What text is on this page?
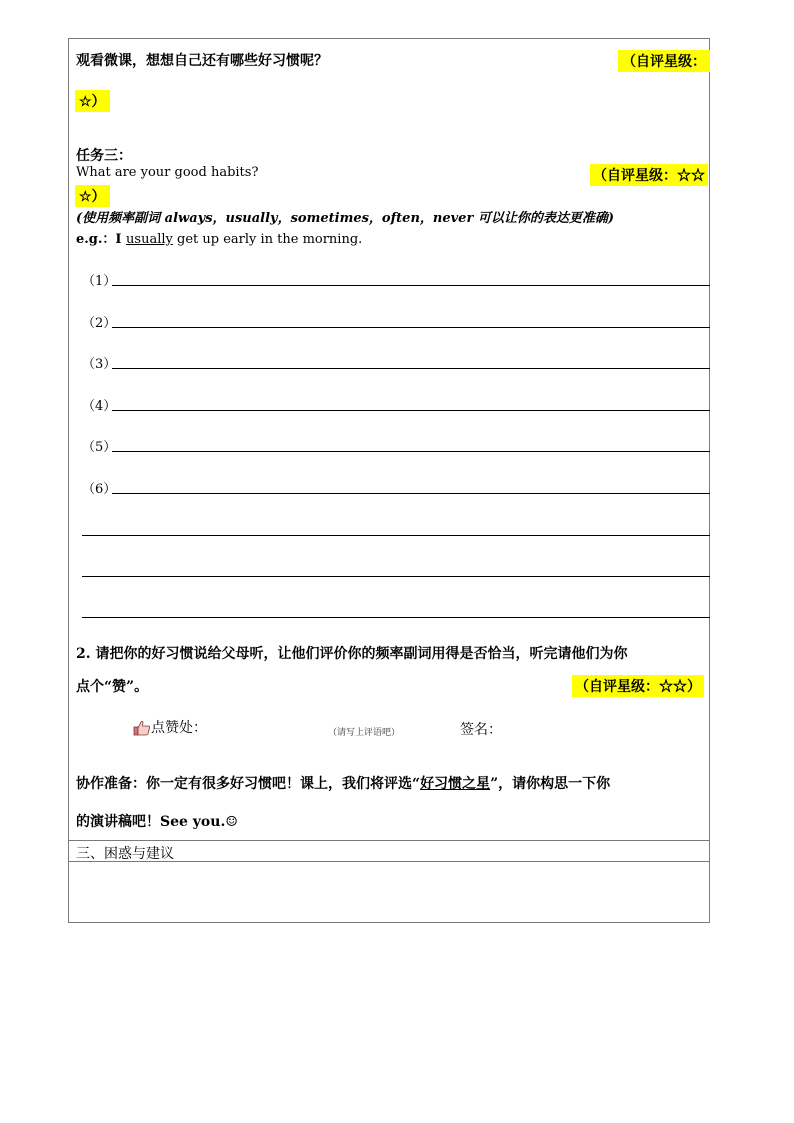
观看微课，想想自己还有哪些好习惯呢？	（自评星级：
☆）
任务三：
What are your good habits?	（自评星级：☆☆
☆）
(使用频率副词 always，usually，sometimes，often，never 可以让你的表达更准确)
e.g.：I usually get up early in the morning.
（1）
（2）
（3）
（4）
（5）
（6）
2. 请把你的好习惯说给父母听，让他们评价你的频率副词用得是否恰当，听完请他们为你
点个“赞”。	（自评星级：☆☆）
点赞处：	（请写上评语吧）	签名：
协作准备：你一定有很多好习惯吧！课上，我们将评选“好习惯之星”，请你构思一下你
的演讲稿吧！See you.☺
三、困惑与建议
